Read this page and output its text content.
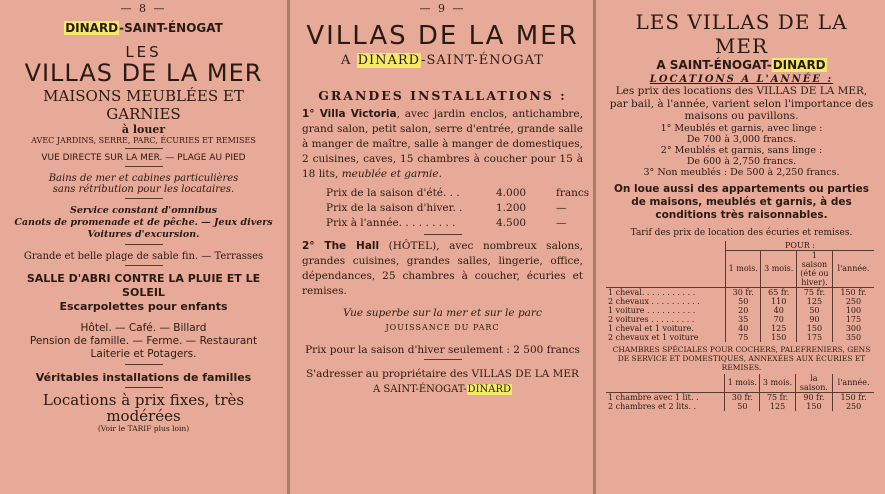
— 8 —
DINARD-SAINT-ÉNOGAT
LES
VILLAS DE LA MER
MAISONS MEUBLÉES ET GARNIES
à louer
AVEC JARDINS, SERRE, PARC, ÉCURIES ET REMISES
VUE DIRECTE SUR LA MER. — PLAGE AU PIED
Bains de mer et cabines particulières
sans rétribution pour les locataires.
Service constant d'omnibus
Canots de promenade et de pêche. — Jeux divers
Voitures d'excursion.
Grande et belle plage de sable fin. — Terrasses
SALLE D'ABRI CONTRE LA PLUIE ET LE SOLEIL
Escarpolettes pour enfants
Hôtel. — Café. — Billard
Pension de famille. — Ferme. — Restaurant
Laiterie et Potagers.
Véritables installations de familles
Locations à prix fixes, très modérées
(Voir le TARIF plus loin)
— 9 —
VILLAS DE LA MER
A DINARD-SAINT-ÉNOGAT
GRANDES INSTALLATIONS :
1° Villa Victoria, avec jardin enclos, antichambre, grand salon, petit salon, serre d'entrée, grande salle à manger de maître, salle à manger de domestiques, 2 cuisines, caves, 15 chambres à coucher pour 15 à 18 lits, meublée et garnie.
Prix de la saison d'été. . .	4.000	francs
Prix de la saison d'hiver. .	1.200	—
Prix à l'année. . . . . . . . .	4.500	—
2° The Hall (HÔTEL), avec nombreux salons, grandes cuisines, grandes salles, lingerie, office, dépendances, 25 chambres à coucher, écuries et remises.
Vue superbe sur la mer et sur le parc
JOUISSANCE DU PARC
Prix pour la saison d'hiver seulement : 2 500 francs
S'adresser au propriétaire des VILLAS DE LA MER
A SAINT-ÉNOGAT-DINARD
LES VILLAS DE LA MER
A SAINT-ÉNOGAT-DINARD
LOCATIONS A L'ANNÉE :
Les prix des locations des VILLAS DE LA MER, par bail, à l'année, varient selon l'importance des maisons ou pavillons.
1° Meublés et garnis, avec linge :
De 700 à 3,000 francs.
2° Meublés et garnis, sans linge :
De 600 à 2,750 francs.
3° Non meublés : De 500 à 2,250 francs.
On loue aussi des appartements ou parties de maisons, meublés et garnis, à des conditions très raisonnables.
Tarif des prix de location des écuries et remises.
	POUR :			
	1 mois.	3 mois.	1 saison (été ou hiver).	l'année.
1 cheval. . . . . . . . . . .	30 fr.	65 fr.	75 fr.	150 fr.
2 chevaux . . . . . . . . . .	50	110	125	250
1 voiture . . . . . . . . . .	20	40	50	100
2 voitures . . . . . . . . .	35	70	90	175
1 cheval et 1 voiture.	40	125	150	300
2 chevaux et 1 voiture	75	150	175	350
CHAMBRES SPÉCIALES POUR COCHERS, PALEFRENIERS, GENS DE SERVICE ET DOMESTIQUES, ANNEXÉES AUX ÉCURIES ET REMISES.
	1 mois.	3 mois.	la saison.	l'année.
1 chambre avec 1 lit. .	30 fr.	75 fr.	90 fr.	150 fr.
2 chambres et 2 lits. .	50	125	150	250
